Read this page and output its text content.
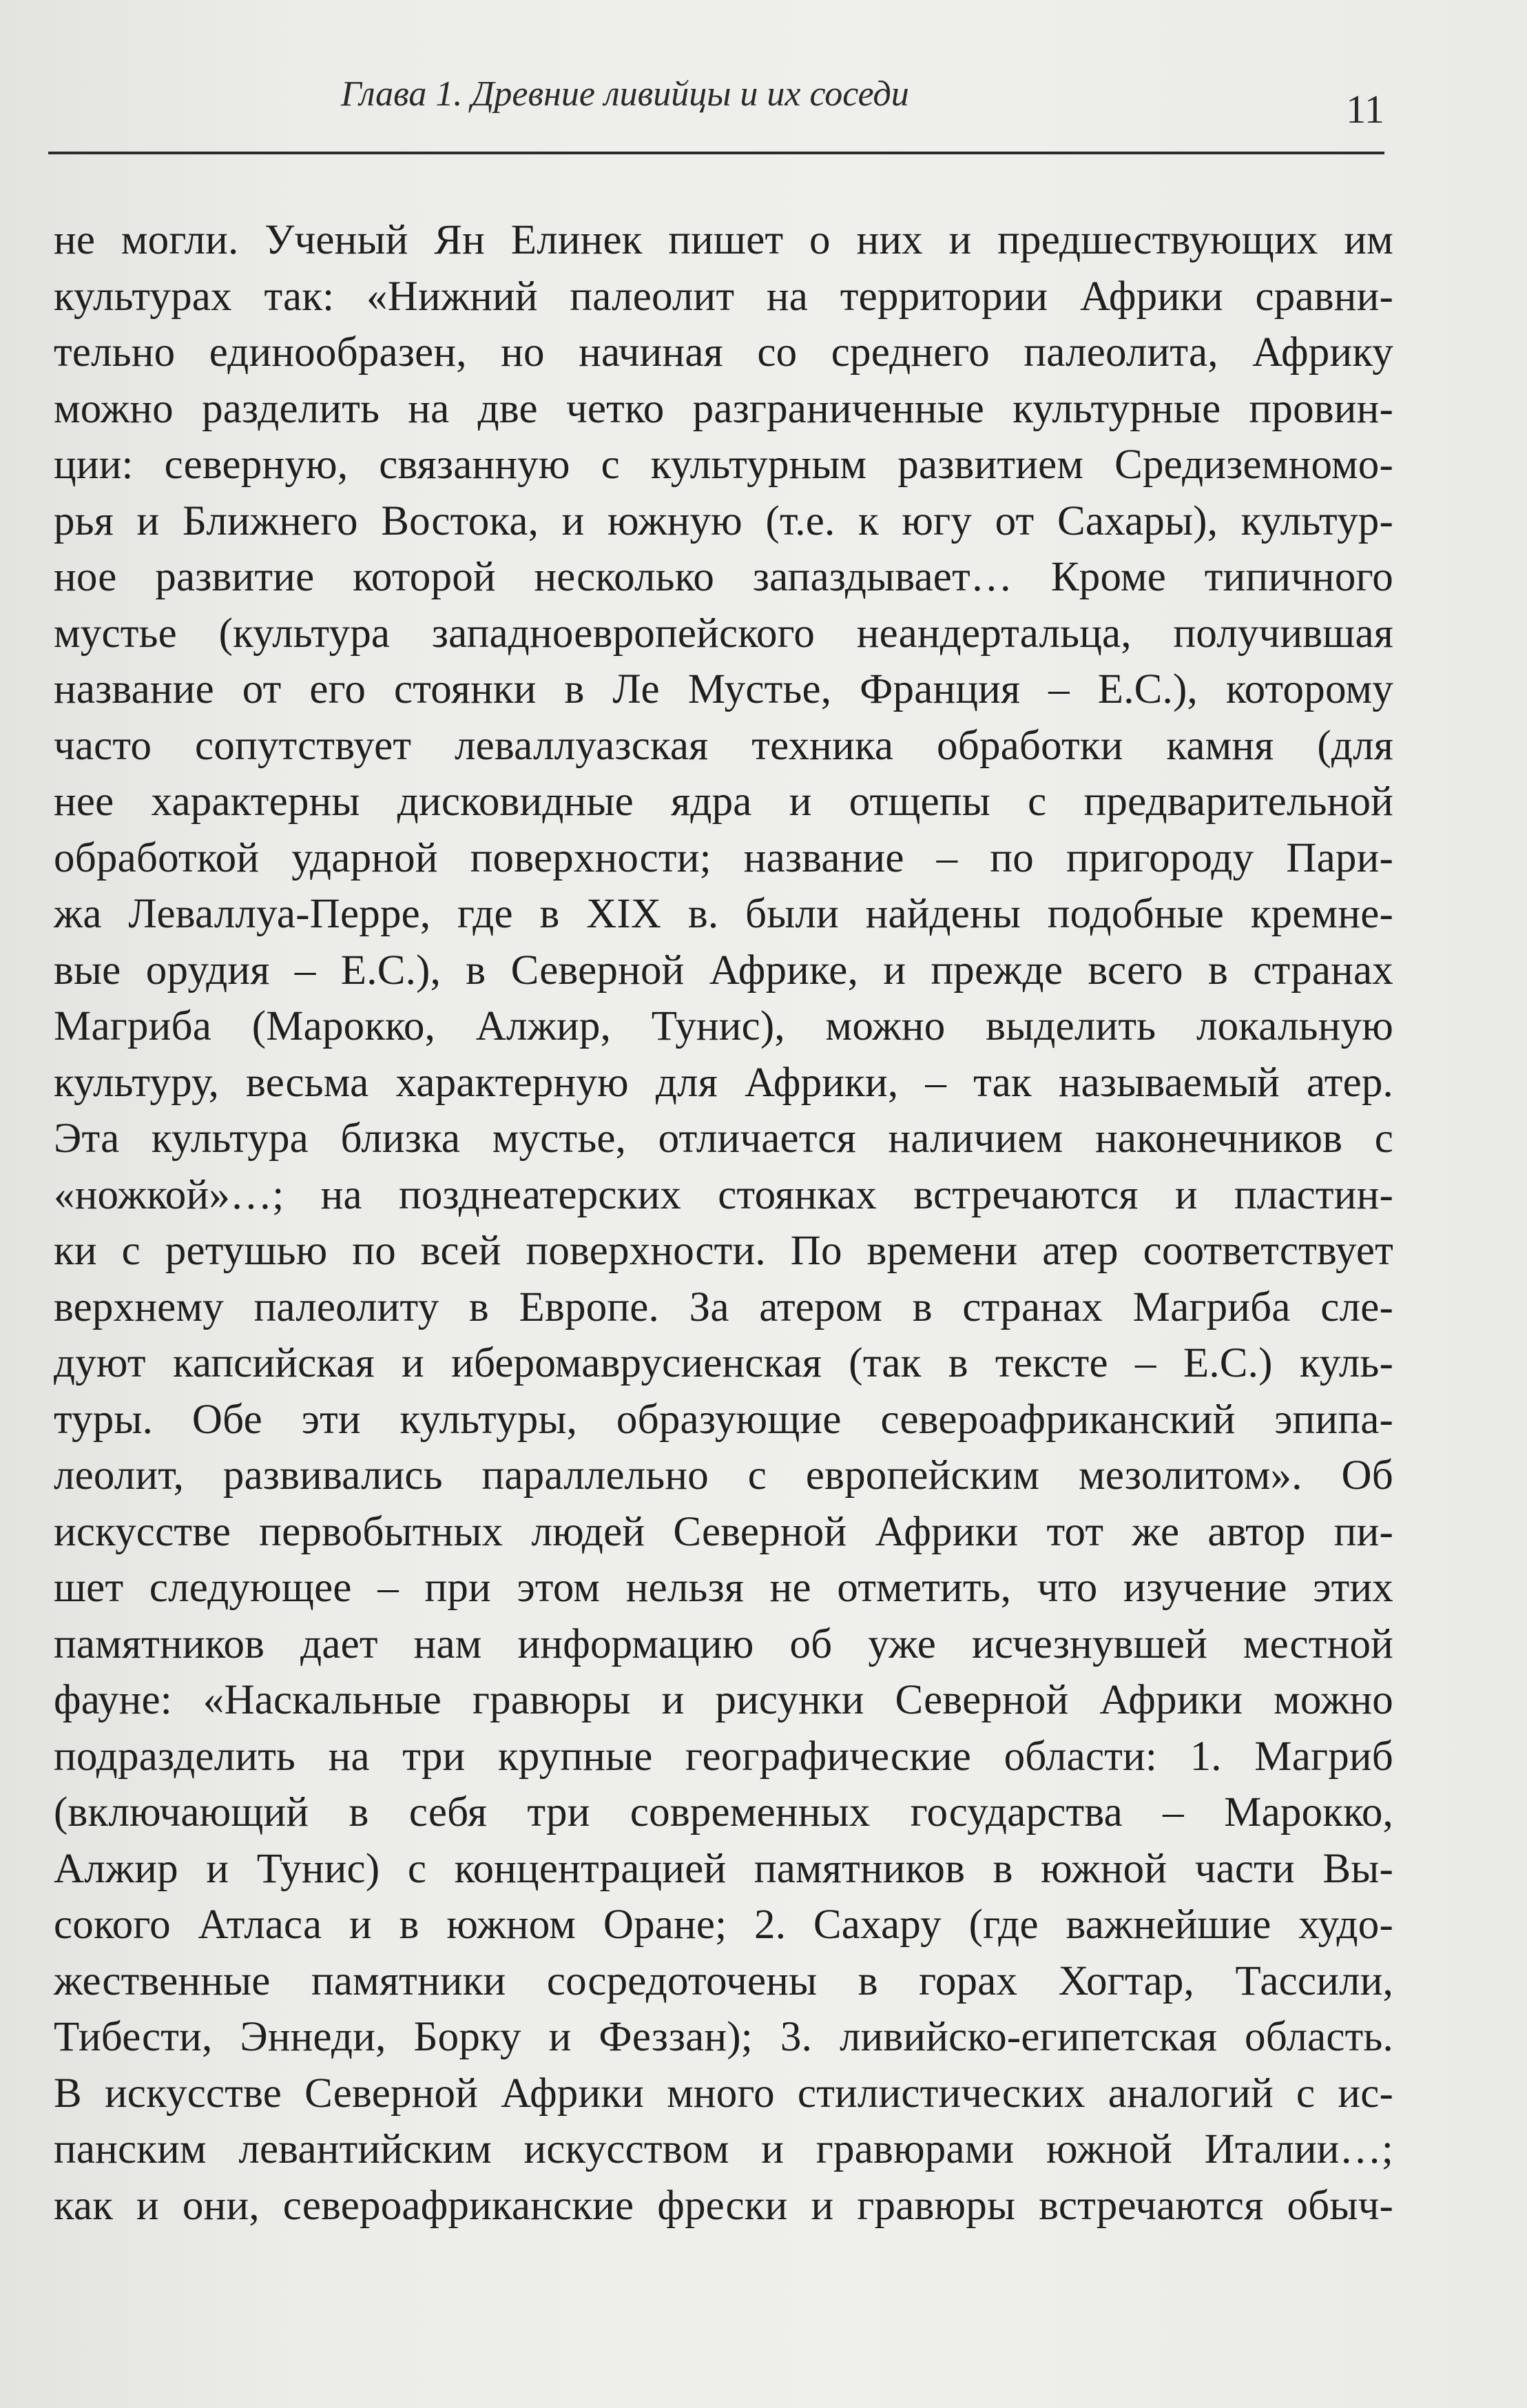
Глава 1. Древние ливийцы и их соседи	11
не могли. Ученый Ян Елинек пишет о них и предшествующих им
культурах так: «Нижний палеолит на территории Африки сравни-
тельно единообразен, но начиная со среднего палеолита, Африку
можно разделить на две четко разграниченные культурные провин-
ции: северную, связанную с культурным развитием Средиземномо-
рья и Ближнего Востока, и южную (т.е. к югу от Сахары), культур-
ное развитие которой несколько запаздывает… Кроме типичного
мустье (культура западноевропейского неандертальца, получившая
название от его стоянки в Ле Мустье, Франция – Е.С.), которому
часто сопутствует леваллуазская техника обработки камня (для
нее характерны дисковидные ядра и отщепы с предварительной
обработкой ударной поверхности; название – по пригороду Пари-
жа Леваллуа-Перре, где в XIX в. были найдены подобные кремне-
вые орудия – Е.С.), в Северной Африке, и прежде всего в странах
Магриба (Марокко, Алжир, Тунис), можно выделить локальную
культуру, весьма характерную для Африки, – так называемый атер.
Эта культура близка мустье, отличается наличием наконечников с
«ножкой»…; на позднеатерских стоянках встречаются и пластин-
ки с ретушью по всей поверхности. По времени атер соответствует
верхнему палеолиту в Европе. За атером в странах Магриба сле-
дуют капсийская и иберомаврусиенская (так в тексте – Е.С.) куль-
туры. Обе эти культуры, образующие североафриканский эпипа-
леолит, развивались параллельно с европейским мезолитом». Об
искусстве первобытных людей Северной Африки тот же автор пи-
шет следующее – при этом нельзя не отметить, что изучение этих
памятников дает нам информацию об уже исчезнувшей местной
фауне: «Наскальные гравюры и рисунки Северной Африки можно
подразделить на три крупные географические области: 1. Магриб
(включающий в себя три современных государства – Марокко,
Алжир и Тунис) с концентрацией памятников в южной части Вы-
сокого Атласа и в южном Оране; 2. Сахару (где важнейшие худо-
жественные памятники сосредоточены в горах Хогтар, Тассили,
Тибести, Эннеди, Борку и Феззан); 3. ливийско-египетская область.
В искусстве Северной Африки много стилистических аналогий с ис-
панским левантийским искусством и гравюрами южной Италии…;
как и они, североафриканские фрески и гравюры встречаются обыч-
